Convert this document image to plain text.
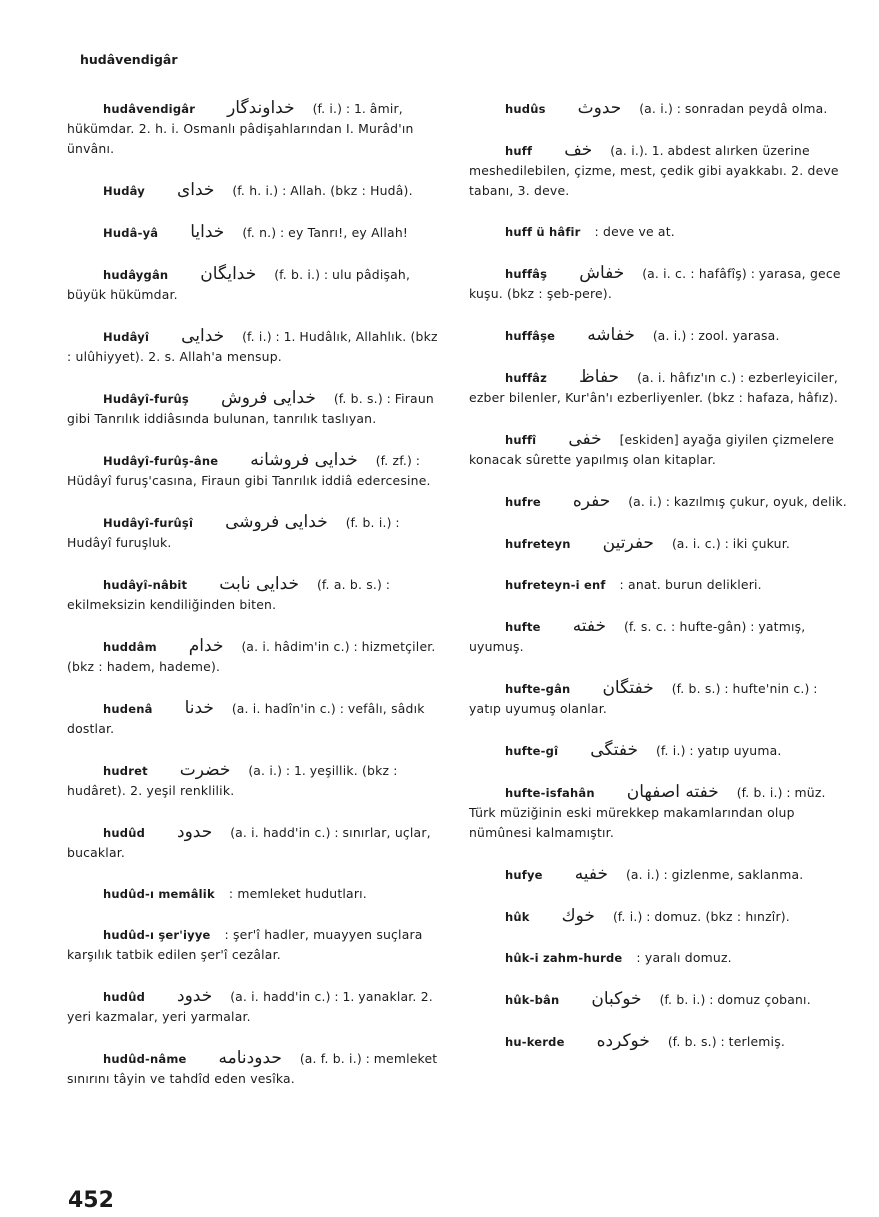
hudâvendigâr
hudâvendigâr خداوندگار (f. i.) : 1. âmir, hükümdar. 2. h. i. Osmanlı pâdişahlarından I. Murâd'ın ünvânı.
Hudây خدای (f. h. i.) : Allah. (bkz : Hudâ).
Hudâ-yâ خدایا (f. n.) : ey Tanrı!, ey Allah!
hudâygân خدایگان (f. b. i.) : ulu pâdişah, büyük hükümdar.
Hudâyî خدایی (f. i.) : 1. Hudâlık, Allahlık. (bkz : ulûhiyyet). 2. s. Allah'a mensup.
Hudâyî-furûş خدایی فروش (f. b. s.) : Firaun gibi Tanrılık iddiâsında bulunan, tanrılık taslıyan.
Hudâyî-furûş-âne خدایی فروشانه (f. zf.) : Hüdâyî furuş'casına, Firaun gibi Tanrılık iddiâ edercesine.
Hudâyî-furûşî خدایی فروشی (f. b. i.) : Hudâyî furuşluk.
hudâyî-nâbit خدایی نابت (f. a. b. s.) : ekilmeksizin kendiliğinden biten.
huddâm خدام (a. i. hâdim'in c.) : hizmetçiler. (bkz : hadem, hademe).
hudenâ خدنا (a. i. hadîn'in c.) : vefâlı, sâdık dostlar.
hudret خضرت (a. i.) : 1. yeşillik. (bkz : hudâret). 2. yeşil renklilik.
hudûd حدود (a. i. hadd'in c.) : sınırlar, uçlar, bucaklar.
hudûd-ı memâlik : memleket hudutları.
hudûd-ı şer'iyye : şer'î hadler, muayyen suçlara karşılık tatbik edilen şer'î cezâlar.
hudûd خدود (a. i. hadd'in c.) : 1. yanaklar. 2. yeri kazmalar, yeri yarmalar.
hudûd-nâme حدودنامه (a. f. b. i.) : memleket sınırını tâyin ve tahdîd eden vesîka.
hudûs حدوث (a. i.) : sonradan peydâ olma.
huff خف (a. i.). 1. abdest alırken üzerine meshedilebilen, çizme, mest, çedik gibi ayakkabı. 2. deve tabanı, 3. deve.
huff ü hâfir : deve ve at.
huffâş خفاش (a. i. c. : hafâfîş) : yarasa, gece kuşu. (bkz : şeb-pere).
huffâşe خفاشه (a. i.) : zool. yarasa.
huffâz حفاظ (a. i. hâfız'ın c.) : ezberleyiciler, ezber bilenler, Kur'ân'ı ezberliyenler. (bkz : hafaza, hâfız).
huffî خفی [eskiden] ayağa giyilen çizmelere konacak sûrette yapılmış olan kitaplar.
hufre حفره (a. i.) : kazılmış çukur, oyuk, delik.
hufreteyn حفرتین (a. i. c.) : iki çukur.
hufreteyn-i enf : anat. burun delikleri.
hufte خفته (f. s. c. : hufte-gân) : yatmış, uyumuş.
hufte-gân خفتگان (f. b. s.) : hufte'nin c.) : yatıp uyumuş olanlar.
hufte-gî خفتگی (f. i.) : yatıp uyuma.
hufte-isfahân خفته اصفهان (f. b. i.) : müz. Türk müziğinin eski mürekkep makamlarından olup nümûnesi kalmamıştır.
hufye خفیه (a. i.) : gizlenme, saklanma.
hûk خوك (f. i.) : domuz. (bkz : hınzîr).
hûk-i zahm-hurde : yaralı domuz.
hûk-bân خوكبان (f. b. i.) : domuz çobanı.
hu-kerde خوكرده (f. b. s.) : terlemiş.
452
